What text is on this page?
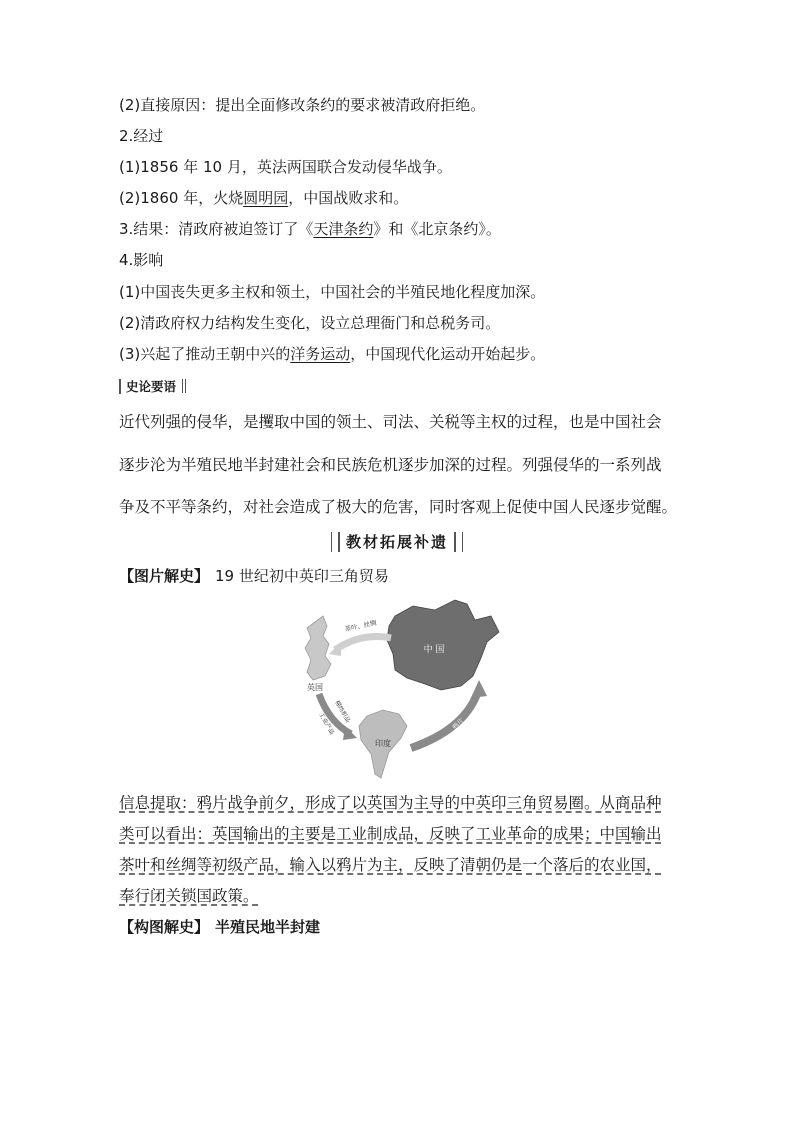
(2)直接原因：提出全面修改条约的要求被清政府拒绝。
2.经过
(1)1856 年 10 月，英法两国联合发动侵华战争。
(2)1860 年，火烧圆明园，中国战败求和。
3.结果：清政府被迫签订了《天津条约》和《北京条约》。
4.影响
(1)中国丧失更多主权和领土，中国社会的半殖民地化程度加深。
(2)清政府权力结构发生变化，设立总理衙门和总税务司。
(3)兴起了推动王朝中兴的洋务运动，中国现代化运动开始起步。
史论要语
近代列强的侵华，是攫取中国的领土、司法、关税等主权的过程，也是中国社会
逐步沦为半殖民地半封建社会和民族危机逐步加深的过程。列强侵华的一系列战
争及不平等条约，对社会造成了极大的危害，同时客观上促使中国人民逐步觉醒。
教材拓展补遗
【图片解史】 19 世纪初中英印三角贸易
中 国
英国
印度
茶叶、丝绸
棉纺织品
工业产品	鸦片
信息提取：鸦片战争前夕，形成了以英国为主导的中英印三角贸易圈。从商品种
类可以看出：英国输出的主要是工业制成品，反映了工业革命的成果；中国输出
茶叶和丝绸等初级产品，输入以鸦片为主，反映了清朝仍是一个落后的农业国，
奉行闭关锁国政策。
【构图解史】 半殖民地半封建
